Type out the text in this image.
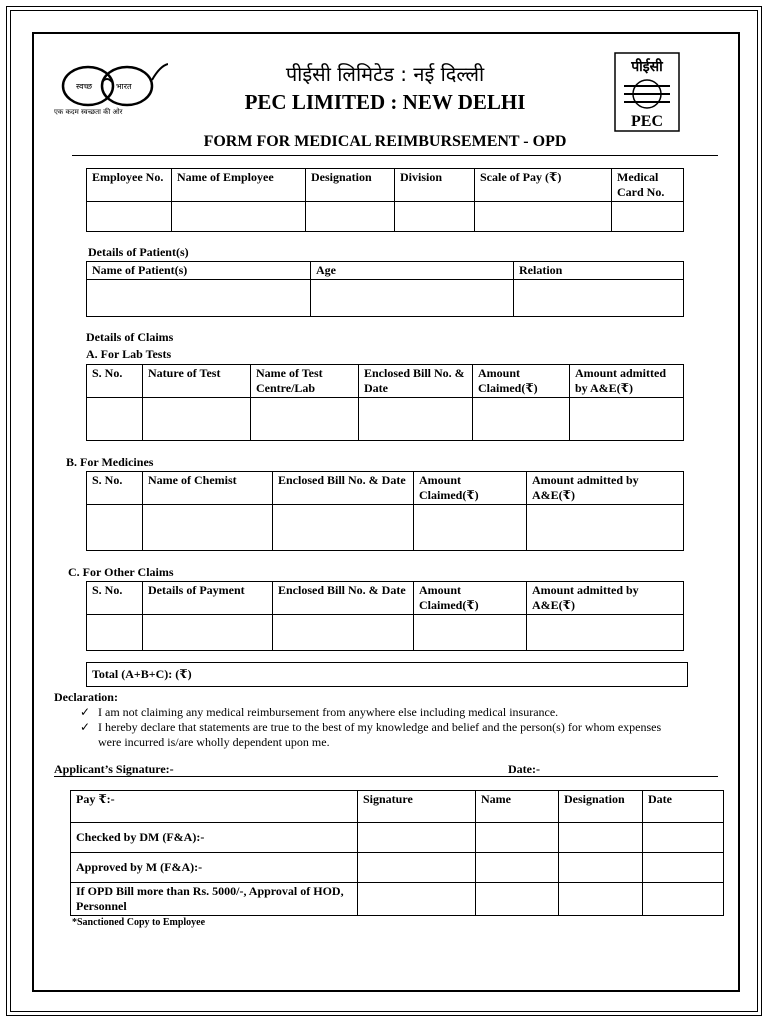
स्वच्छ	भारत
एक कदम स्वच्छता की ओर
पीईसी
PEC
पीईसी लिमिटेड : नई दिल्ली
PEC LIMITED : NEW DELHI
FORM FOR MEDICAL REIMBURSEMENT - OPD
Employee No.	Name of Employee	Designation	Division	Scale of Pay (₹)	Medical Card No.

Details of Patient(s)
Name of Patient(s)	Age	Relation

Details of Claims
A. For Lab Tests
S. No.	Nature of Test	Name of Test Centre/Lab	Enclosed Bill No. & Date	Amount Claimed(₹)	Amount admitted by A&E(₹)

B. For Medicines
S. No.	Name of Chemist	Enclosed Bill No. & Date	Amount Claimed(₹)	Amount admitted by A&E(₹)

C. For Other Claims
S. No.	Details of Payment	Enclosed Bill No. & Date	Amount Claimed(₹)	Amount admitted by A&E(₹)

Total (A+B+C): (₹)
Declaration:
✓ I am not claiming any medical reimbursement from anywhere else including medical insurance.
✓ I hereby declare that statements are true to the best of my knowledge and belief and the person(s) for whom expenses
were incurred is/are wholly dependent upon me.
Applicant’s Signature:-	Date:-
Pay ₹:-	Signature	Name	Designation	Date
Checked by DM (F&A):-				
Approved by M (F&A):-				
If OPD Bill more than Rs. 5000/-, Approval of HOD, Personnel				
*Sanctioned Copy to Employee
